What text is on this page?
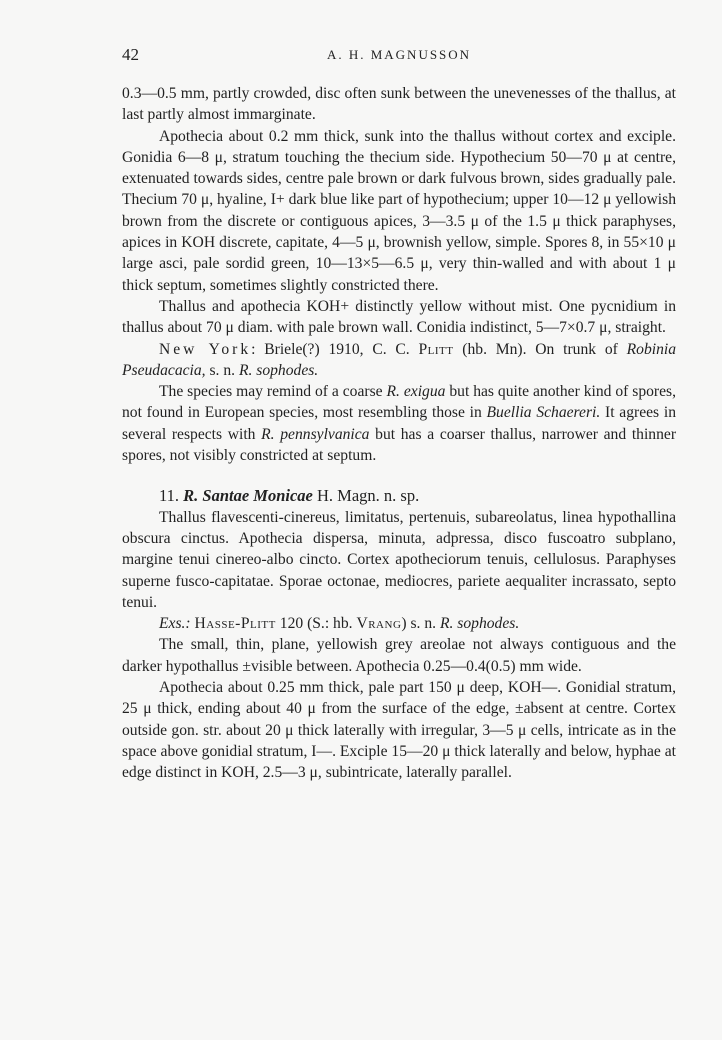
42	A. H. MAGNUSSON

0.3—0.5 mm, partly crowded, disc often sunk between the unevenesses of the thallus, at last partly almost immarginate.

Apothecia about 0.2 mm thick, sunk into the thallus without cortex and exciple. Gonidia 6—8 μ, stratum touching the thecium side. Hypothecium 50—70 μ at centre, extenuated towards sides, centre pale brown or dark fulvous brown, sides gradually pale. Thecium 70 μ, hyaline, I+ dark blue like part of hypothecium; upper 10—12 μ yellowish brown from the discrete or contiguous apices, 3—3.5 μ of the 1.5 μ thick paraphyses, apices in KOH discrete, capitate, 4—5 μ, brownish yellow, simple. Spores 8, in 55×10 μ large asci, pale sordid green, 10—13×5—6.5 μ, very thin-walled and with about 1 μ thick septum, sometimes slightly constricted there.

Thallus and apothecia KOH+ distinctly yellow without mist. One pycnidium in thallus about 70 μ diam. with pale brown wall. Conidia indistinct, 5—7×0.7 μ, straight.

New York: Briele(?) 1910, C. C. Plitt (hb. Mn). On trunk of Robinia Pseudacacia, s. n. R. sophodes.

The species may remind of a coarse R. exigua but has quite another kind of spores, not found in European species, most resembling those in Buellia Schaereri. It agrees in several respects with R. pennsylvanica but has a coarser thallus, narrower and thinner spores, not visibly constricted at septum.

11. R. Santae Monicae H. Magn. n. sp.

Thallus flavescenti-cinereus, limitatus, pertenuis, subareolatus, linea hypothallina obscura cinctus. Apothecia dispersa, minuta, adpressa, disco fuscoatro subplano, margine tenui cinereo-albo cincto. Cortex apotheciorum tenuis, cellulosus. Paraphyses superne fusco-capitatae. Sporae octonae, mediocres, pariete aequaliter incrassato, septo tenui.

Exs.: Hasse-Plitt 120 (S.: hb. Vrang) s. n. R. sophodes.

The small, thin, plane, yellowish grey areolae not always contiguous and the darker hypothallus ±visible between. Apothecia 0.25—0.4(0.5) mm wide.

Apothecia about 0.25 mm thick, pale part 150 μ deep, KOH—. Gonidial stratum, 25 μ thick, ending about 40 μ from the surface of the edge, ±absent at centre. Cortex outside gon. str. about 20 μ thick laterally with irregular, 3—5 μ cells, intricate as in the space above gonidial stratum, I—. Exciple 15—20 μ thick laterally and below, hyphae at edge distinct in KOH, 2.5—3 μ, subintricate, laterally parallel.
